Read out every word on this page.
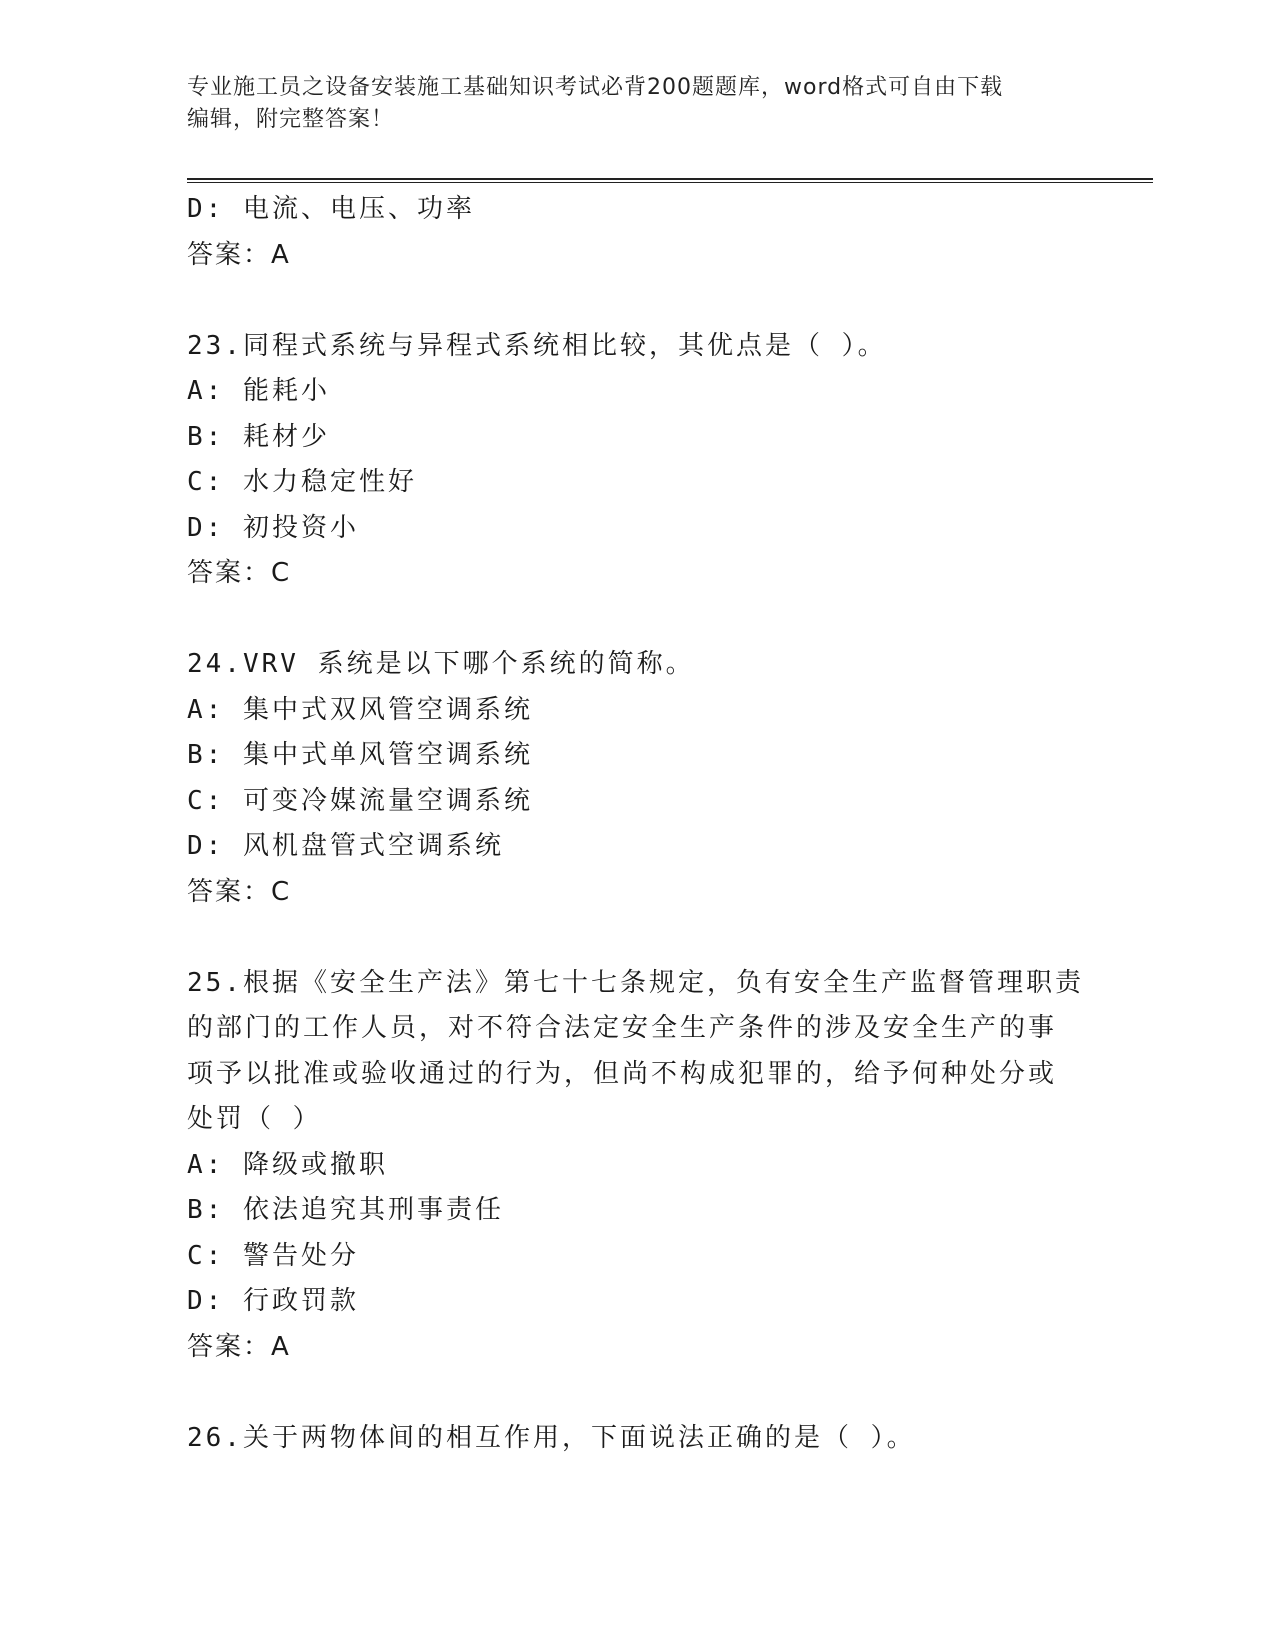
专业施工员之设备安装施工基础知识考试必背200题题库，word格式可自由下载
编辑，附完整答案！
D: 电流、电压、功率
答案：A
23.同程式系统与异程式系统相比较，其优点是（ ）。
A: 能耗小
B: 耗材少
C: 水力稳定性好
D: 初投资小
答案：C
24.VRV 系统是以下哪个系统的简称。
A: 集中式双风管空调系统
B: 集中式单风管空调系统
C: 可变冷媒流量空调系统
D: 风机盘管式空调系统
答案：C
25.根据《安全生产法》第七十七条规定，负有安全生产监督管理职责
的部门的工作人员，对不符合法定安全生产条件的涉及安全生产的事
项予以批准或验收通过的行为，但尚不构成犯罪的，给予何种处分或
处罚（ ）
A: 降级或撤职
B: 依法追究其刑事责任
C: 警告处分
D: 行政罚款
答案：A
26.关于两物体间的相互作用，下面说法正确的是（ ）。
